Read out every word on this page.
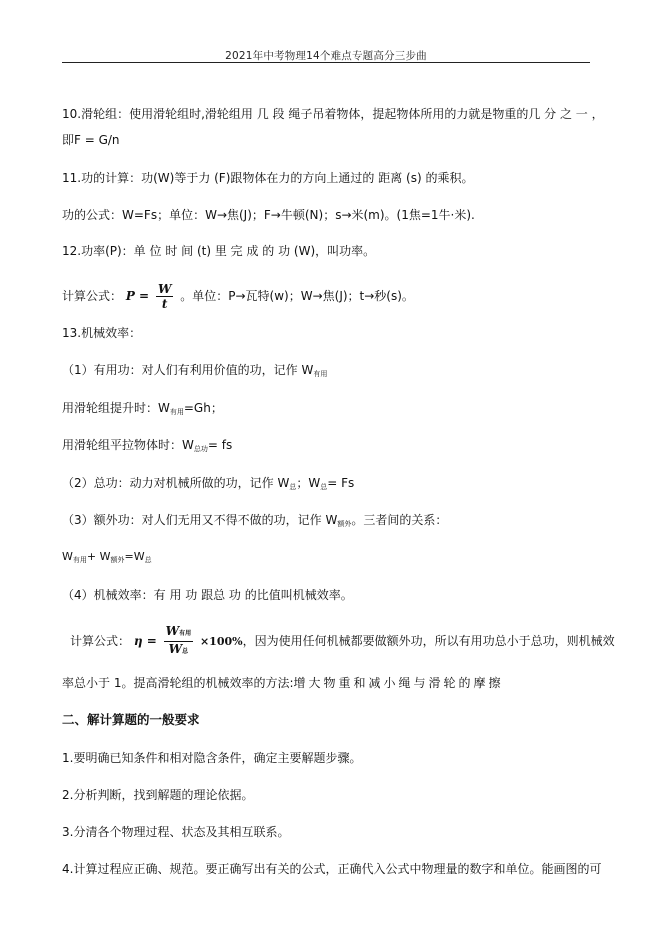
2021年中考物理14个难点专题高分三步曲
10.滑轮组：使用滑轮组时,滑轮组用 几 段 绳子吊着物体，提起物体所用的力就是物重的几 分 之 一 ，
即F = G/n
11.功的计算：功(W)等于力 (F)跟物体在力的方向上通过的 距离 (s) 的乘积。
功的公式：W=Fs；单位：W→焦(J)；F→牛顿(N)；s→米(m)。(1焦=1牛·米).
12.功率(P)：单 位 时 间 (t) 里 完 成 的 功 (W)，叫功率。
计算公式： $P = \frac{W}{t}$ 。单位：P→瓦特(w)；W→焦(J)；t→秒(s)。
13.机械效率：
（1）有用功：对人们有利用价值的功，记作 $W_{有用}$
用滑轮组提升时：$W_{有用}=Gh$；
用滑轮组平拉物体时：$W_{总功}=$ fs
（2）总功：动力对机械所做的功，记作 $W_总$；$W_总= Fs$
（3）额外功：对人们无用又不得不做的功，记作 $W_{额外}$。三者间的关系：
$W_{有用}+ W_{额外}=W_总$
（4）机械效率：有 用 功 跟总 功 的比值叫机械效率。
计算公式： $\eta = \frac{\text{W有用}}{\text{W总}} \times 100\%$，因为使用任何机械都要做额外功，所以有用功总小于总功，则机械效
率总小于 1。提高滑轮组的机械效率的方法:增大物重和减小绳与滑轮的摩擦
二、解计算题的一般要求
1.要明确已知条件和相对隐含条件，确定主要解题步骤。
2.分析判断，找到解题的理论依据。
3.分清各个物理过程、状态及其相互联系。
4.计算过程应正确、规范。要正确写出有关的公式，正确代入公式中物理量的数字和单位。能画图的可
